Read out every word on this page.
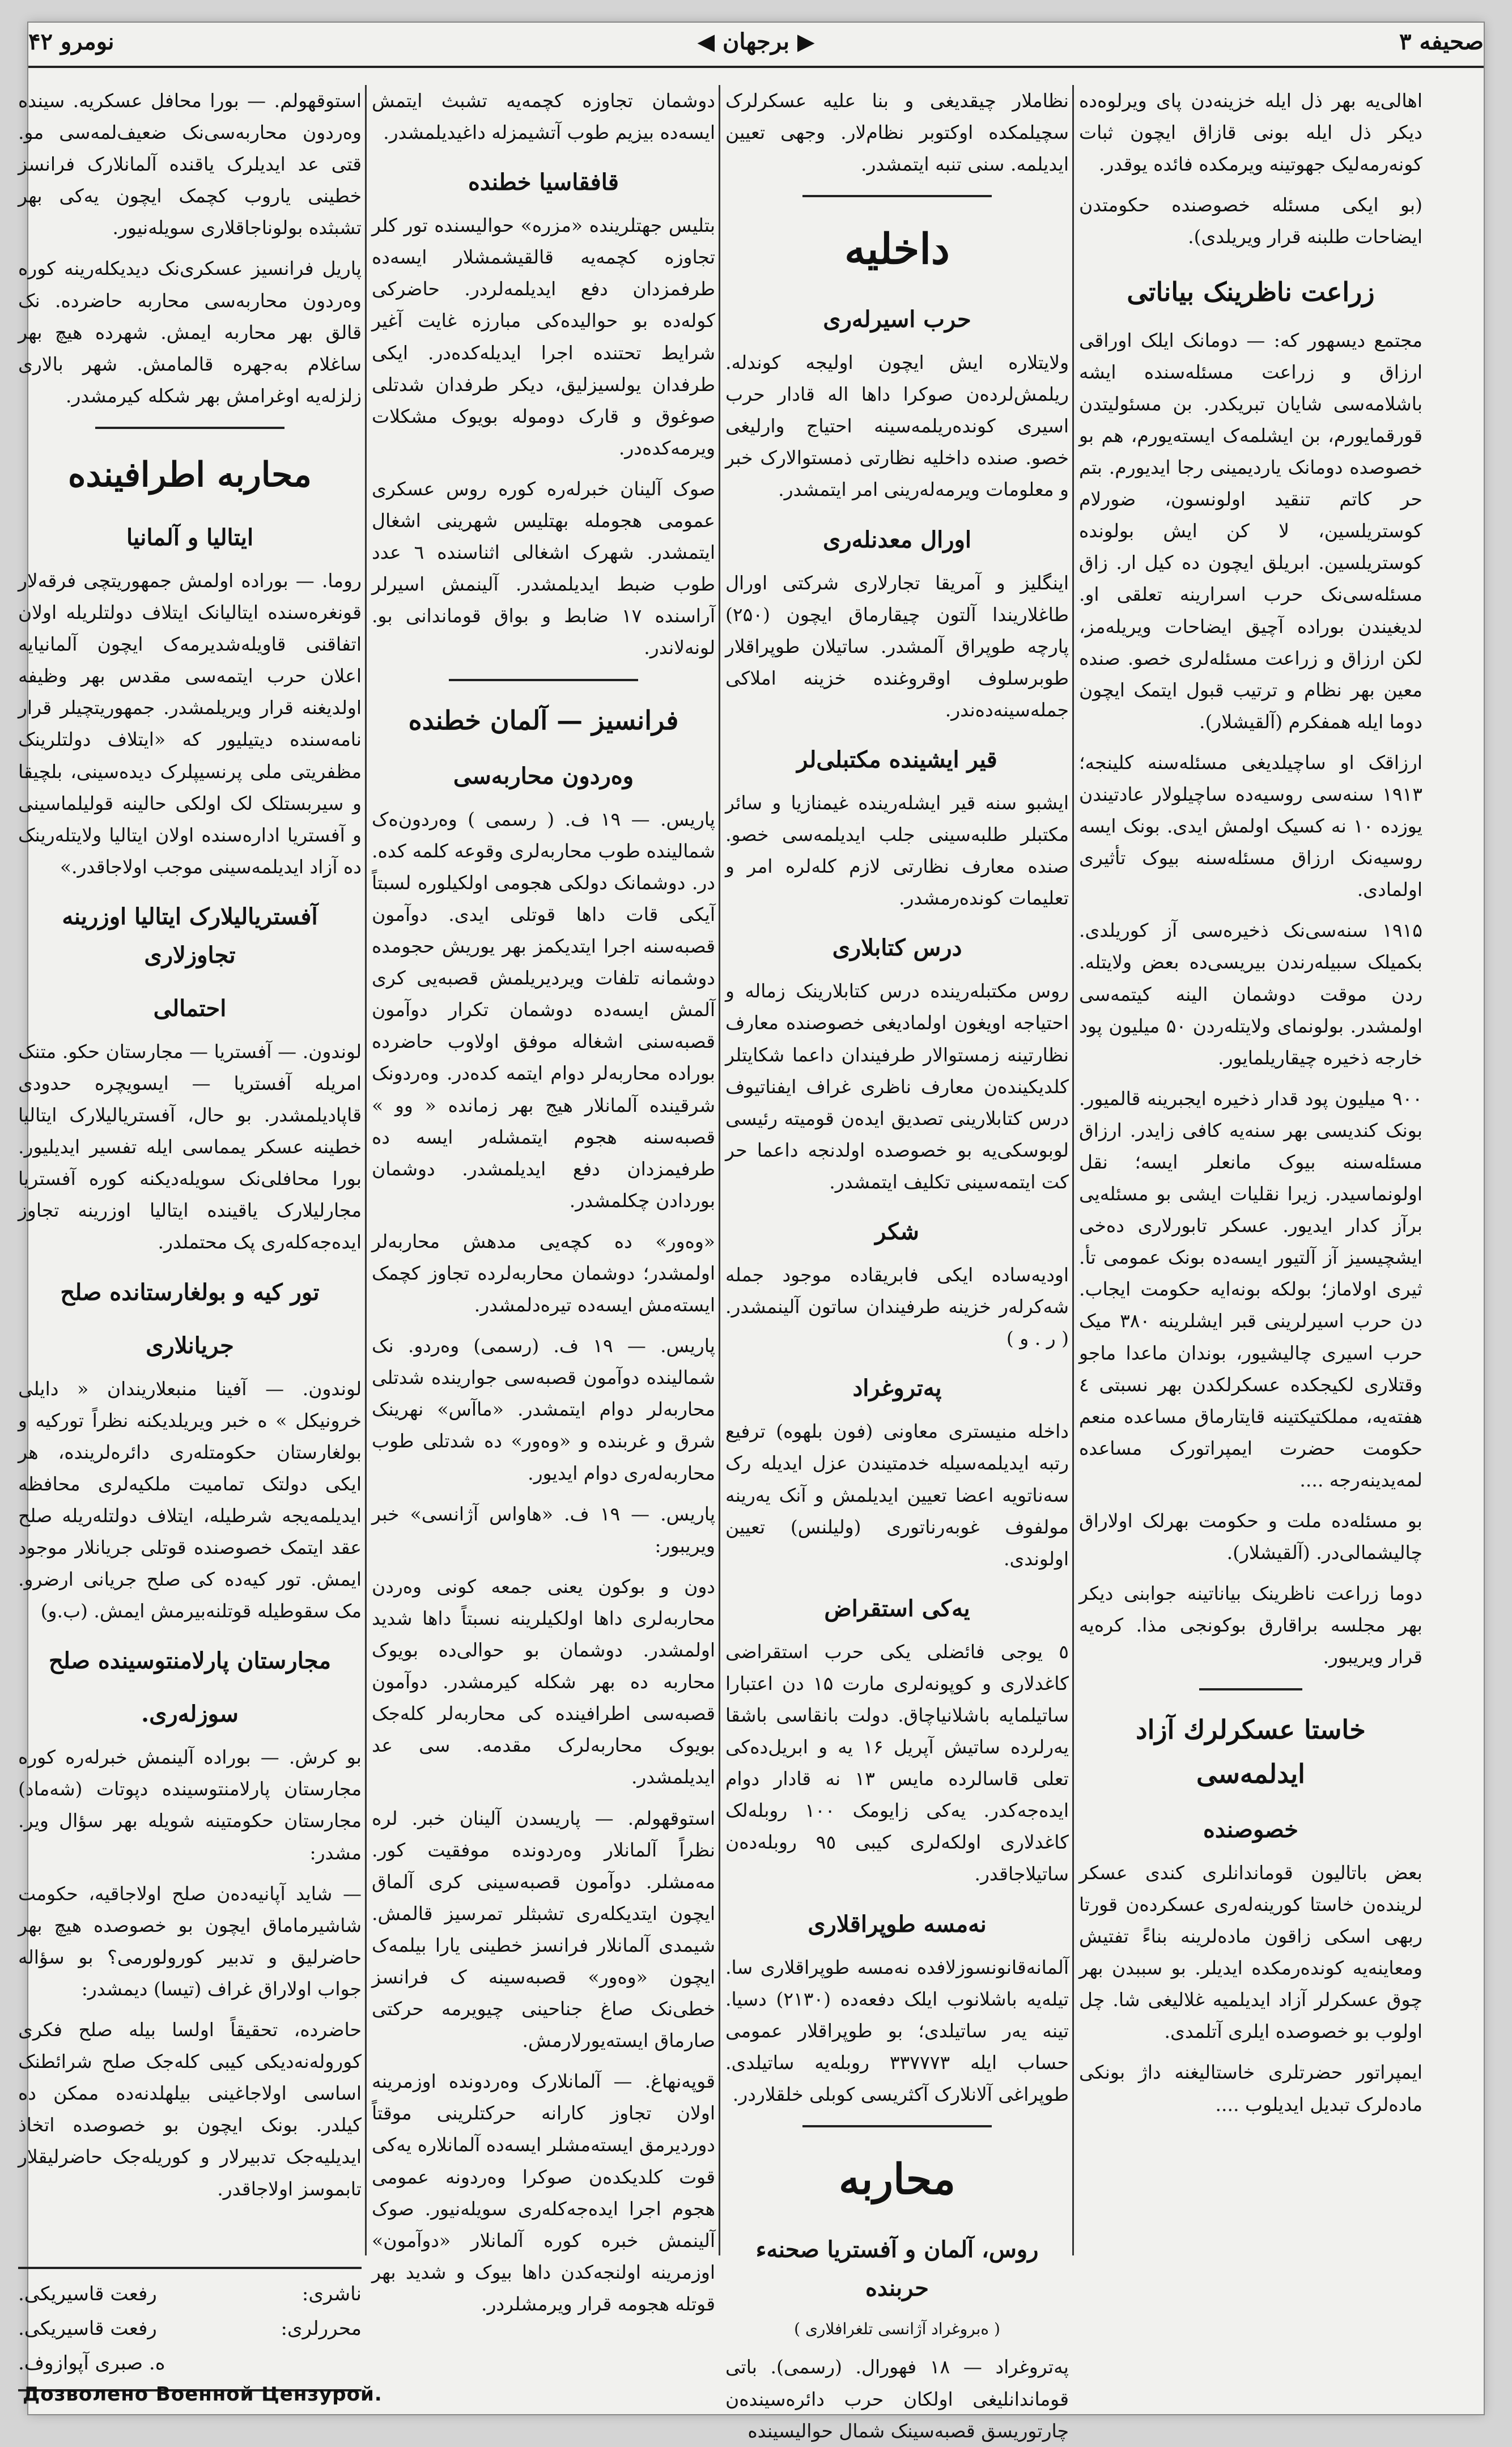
نومرو ۴۲	◀ برجهان ▶	صحیفه ۳

اهالی‌یه بهر ذل ایله خزینه‌دن پای ویرلوه‌ده دیکر ذل ایله بونی قازاق ایچون ثبات کونه‌رمه‌لیک جهوتینه ویرمکده فائده یوقدر.

(بو ایکی مسئله خصوصنده حکومتدن ایضاحات طلبنه قرار ویریلدی).

زراعت ناظرینک بیاناتی

مجتمع دیسهور که: — دومانک ایلک اوراقی ارزاق و زراعت مسئله‌سنده ایشه باشلامه‌سی شایان تبریکدر. بن مسئولیتدن قورقمایورم، بن ایشلمه‌ک ایسته‌یورم، هم بو خصوصده دومانک یاردیمینی رجا ایدیورم. بتم حر کاتم تنقید اولونسون، ضورلام کوستریلسین، لا کن ایش بولونده کوستریلسین. ابریلق ایچون ده کیل ار. زاق مسئله‌سی‌نک حرب اسرارینه تعلقی او. لدیغیندن بوراده آچیق ایضاحات ویریله‌مز، لکن ارزاق و زراعت مسئله‌لری خصو. صنده معین بهر نظام و ترتیب قبول ایتمک ایچون دوما ایله همفکرم (آلقیشلار).

ارزاقک او ساچیلدیغی مسئله‌سنه کلینجه؛ ۱۹۱۳ سنه‌سی روسیه‌ده ساچیلولار عادتیندن یوزده ۱۰ نه کسیک اولمش ایدی. بونک ایسه روسیه‌نک ارزاق مسئله‌سنه بیوک تأثیری اولمادی.

۱۹۱۵ سنه‌سی‌نک ذخیره‌سی آز کوریلدی. بکمیلک سبیله‌رندن بیر‌یسی‌ده بعض ولایتله. ردن موقت دوشمان الینه کیتمه‌سی اولمشدر. بولونمای ولایتله‌ردن ۵۰ میلیون پود خارجه ذخیره چیقاریلمایور.

۹۰۰ میلیون پود قدار ذخیره ایجبرینه قالمیور. بونک کندیسی بهر سنه‌یه کافی زایدر. ارزاق مسئله‌سنه بیوک مانعلر ایسه؛ نقل اولونماسیدر. زیرا نقلیات ایشی بو مسئله‌یی برآز کدار ایدیور. عسکر تابورلاری ده‌خی ایشچیسیز آز آلتیور ایسه‌ده بونک عمومی تأ. ثیری اولاماز؛ بولکه بو‌نه‌ایه حکومت ایجاب. دن حرب اسیر‌لرینی قبر ایشلرینه ۳۸۰ میک حرب اسیری چالیشیور، بوندان ماعدا ماجو وقتلاری لکیجکده عسکرلکدن بهر نسبتی ٤ هفته‌یه، مملکتیکتینه قایتارماق مساعده منعم حکومت حضرت ایمپراتورک مساعده ‌لمه‌یدینه‌رجه‌ ....

بو مسئله‌ده ملت و حکومت بهرلک اولاراق چالیشمالی‌در. (آلقیشلار).

دوما زراعت ناظرینک بیاناتینه جوابنی دیکر بهر مجلسه براقارق بوکونجی مذا. کره‌یه قرار ویریبور.

خاستا عسکرلرك آزاد ایدلمه‌سی
خصوصنده

بعض باتالیون قوماندانلری کندی عسکر لرینده‌ن خاستا کورینه‌له‌ری عسکرده‌ن قورتا ربهی اسکی زاقون ماده‌لرینه بناءً تفتیش ومعاینه‌یه کونده‌رمکده ایدیلر. بو سببدن بهر چوق عسکرلر آزاد ایدیلمیه غلالیغی شا. چل اولوب بو خصوصده ایلری آتلمدی.

ایمپراتور حضرتلری خاستالیغنه داژ بو‌نکی ماده‌لرک تبدیل ایدیلوب ....

نظاملار چیقدیغی و بنا علیه عسکرلرک سچیلمکده اوکتوبر نظام‌لار. وجهی تعیین ایدیلمه. سنی تنبه ایتمشدر.

داخلیه
حرب اسیرله‌ری

ولایتلاره ایش ایچون اولیجه کوندله. ریلمش‌لرده‌ن صوکرا داها اله قادار حرب اسیری کونده‌ریلمه‌سینه احتیاج وارلیغی خصو. صنده داخلیه نظارتی ذمستوالارک خبر و معلومات ویرمه‌له‌رینی امر ایتمشدر.

اورال معدنله‌ری

اینگلیز و آمریقا تجارلاری شرکتی اورال طاغلاریندا آلتون چیقارماق ایچون (۲۵۰) پارچه طوپراق آلمشدر. سا‌تیلان طوپراقلار طوبرسلوف اوقروغنده خزینه املاکی جمله‌سینه‌ده‌ندر.

قیر ایشینده مکتبلی‌لر

ایشبو سنه قیر ایشله‌رینده غیمنازیا و سائر مکتبلر طلبه‌سینی جلب ایدیلمه‌سی خصو. صنده معارف نظارتی لازم کله‌لره امر و تعلیمات کونده‌رمشدر.

درس کتابلاری

روس مکتبله‌رینده درس کتابلارینک زماله و احتیاجه اویغون اولمادیغی خصوصنده معارف نظارتینه زمستوالار طرفیندان داعما شکایتلر کلدیکینده‌ن معارف ناظری غراف ایفناتیوف درس کتابلارینی تصدیق ایده‌ن قومیته رئیسی لوبوسکی‌یه بو خصوصده اولدنجه داعما حر کت ایتمه‌سینی تکلیف ایتمشدر.

شکر

اودیه‌ساده ایکی فابریقاده موجود جمله شه‌کرله‌ر خزینه طرفیندان ساتون آلینمشدر. ( ر . و )

په‌تروغراد

داخله منیستری معاونی (فون بلهوه) ترفیع رتبه ایدیلمه‌سیله خدمتیندن عزل ایدیله رک سه‌ناتویه اعضا تعیین ایدیلمش و آنک یه‌رینه مولفوف غوبه‌رناتوری (ولیلنس) تعیین اولوندی.

یه‌کی استقراض

٥ یوجی فائضلی یکی حرب استقراضی کاغدلاری و کوپونه‌لری مارت ۱۵ دن اعتبارا ساتیلمایه باشلانیاچاق. دولت بانقاسی باشقا یه‌رلرده ساتیش آپریل ۱۶ یه و ابریل‌ده‌کی تعلی قاسالرده مایس ۱۳ نه قادار دوام ایده‌جه‌کدر. یه‌کی زایومک ۱۰۰ روبله‌لک کاغدلاری اولکه‌لری کیبی ۹٥ روبله‌ده‌ن ساتیلاجاقدر.

نه‌مسه طوپراقلاری

آلمانه‌قانونسوز‌لافده نه‌مسه طوپراقلاری سا. تیله‌یه باشلانوب ایلک دفعه‌ده (۲۱۳۰) دسیا. تینه یه‌ر ساتیلدی؛ بو طوپراقلار عمومی حساب ایله ۳۳۷۷۷۳ روبله‌یه ساتیلدی. طوپراغی آلانلارک آکثریسی کوبلی خلقلاردر.

محاربه
روس، آلمان و آفستریا صحنه‌ء حربنده

( ه‌بروغراد آژانسی تلغرافلاری )

په‌تروغراد — ۱۸ فهورال. (رسمی). باتی قوماندانلیغی اولکان حرب دائره‌سینده‌ن چارتوریسق قصبه‌سینک شمال حوالیسینده

دوشمان تجاوزه کچمه‌یه تشبث ایتمش ایسه‌ده بیزیم طوب آتشیمزله داغیدیلمشدر.

قافقاسیا خطنده

بتلیس جهتلرینده «مزره» حوالیسنده تور کلر تجاوزه کچمه‌یه قالقیشمشلار ایسه‌ده طرفمزدان دفع ایدیلمه‌لردر. حاضرکی کوله‌ده بو حوالیده‌کی مبارزه غایت آغیر شرایط تحتنده اجرا ایدیله‌کده‌در. ایکی طرفدان یولسیزلیق، دیکر طرفدان شدتلی صوغوق و قارک دوموله بویوک مشکلات ویرمه‌کده‌در.

صوک آلینان خبرله‌ره کوره روس عسکری عمومی هجومله بهتلیس شهرینی اشغال ایتمشدر. شهرک اشغالی اثناسنده ٦ عدد طوب ضبط ایدیلمشدر. آلینمش اسیرلر آراسنده ۱۷ ضابط و بواق قوماندانی بو. لونه‌لاندر.

فرانسیز — آلمان خطنده
وه‌ردون محاربه‌سی

پاریس. — ۱۹ ف. ( رسمی ) وه‌ردون‌ه‌ک شمالینده طوب محاربه‌لری وقوعه کلمه کده. در. دوشمانک دولکی هجومی اولکیلوره لسبتاً آیکی قات داها قوتلی ایدی. دوآمون قصبه‌سنه اجرا ایتدیکمز بهر یوریش حجومده دوشمانه تلفات ویردیریلمش قصبه‌یی کری آلمش ایسه‌ده دوشمان تکرار دوآمون قصبه‌سنی اشغاله موفق اولاوب حاضرده بوراده محاربه‌لر دوام ایتمه کده‌در. وه‌ردونک شرقینده آلمانلار هیج بهر زمانده « وو » قصبه‌سنه هجوم ایتمشله‌ر ایسه ده طرفیمزدان دفع ایدیلمشدر. دوشمان بوردادن چکلمشدر.

«وه‌ور» ده کچه‌یی مدهش محاربه‌لر اولمشدر؛ دوشمان محاربه‌لرده تجاوز کچمک ایسته‌مش ایسه‌ده تیره‌دلمشدر.

پاریس. — ۱۹ ف. (رسمی) وه‌ردو. نک شمالینده دوآمون قصبه‌سی جوارینده شدتلی محاربه‌لر دوام ایتمشدر. «ما‌آس» نهرینک شرق و غربنده و «وه‌ور» ده شدتلی طوب محاربه‌له‌ری دوام ایدیور.

پاریس. — ۱۹ ف. «هاواس آژانسی» خبر ویریبور:

دون و بوکون یعنی جمعه کونی وه‌ردن محاربه‌لری داها اولکیلرینه نسبتاً داها شدید اولمشدر. دوشمان بو حوالی‌ده بویوک محاربه ده بهر شکله کیرمشدر. دوآمون قصبه‌سی اطرافینده کی محاربه‌لر کله‌جک بویوک محاربه‌لرک مقدمه. سی عد ایدیلمشدر.

استوقهولم. — پاریسدن آلینان خبر. لره نظراً آلمانلار وه‌ردونده موفقیت کور. مه‌مشلر. دوآمون قصبه‌سینی کری آلماق ایچون ایتدیکله‌ری تشبثلر تمرسیز قالمش. شیمدی آلمانلار فرانسز خطینی یارا بیلمه‌ک ایچون «وه‌ور» قصبه‌سینه ک فرانسز خطی‌نک صاغ جناحینی چیویرمه حرکتی صارماق ایسته‌یورلارمش.

قوپه‌نهاغ. — آلمانلارک وه‌ردونده اوزمرینه اولان تجاوز کارانه حرکتلرینی موقتاً دوردیرمق ایسته‌مشلر ایسه‌ده آلمانلاره یه‌کی قوت کلدیکده‌ن صوکرا وه‌ردونه عمومی هجوم اجرا ایده‌جه‌کله‌ری سویله‌نیور. صوک آلینمش خبره کوره آلمانلار «دوآمون» اوزمرینه اولنجه‌کدن داها بیوک و شدید بهر قوتله هجومه قرار ویرمشلردر.

استوقهولم. — بورا محافل عسکریه. سینده وه‌ردون محاربه‌سی‌نک ضعیف‌لمه‌سی مو. قتی عد ایدیلرک یاقنده آلمانلارک فرانسز خطینی یاروب کچمک ایچون یه‌کی بهر تشبثده بولوناجاقلاری سویله‌نیور.

پاریل فرانسیز عسکری‌نک دیدیکله‌رینه کوره وه‌ردون محاربه‌سی محاربه حاضرده. نک قالق بهر محاربه ایمش. شهرده هیچ بهر ساغلام به‌جهره قالمامش. شهر بالاری زلزله‌یه اوغرامش بهر شکله کیرمشدر.

محاربه اطرافینده
ایتالیا و آلمانیا

روما. — بوراده اولمش جمهوریتچی فرقه‌لار قونغره‌سنده ایتالیانک ایتلاف دولتلریله اولان اتفاقنی قاویله‌شدیرمه‌ک ایچون آلمانیایه اعلان حرب ایتمه‌سی مقدس بهر وظیفه اولدیغنه قرار ویریلمشدر. جمهوریتچیلر قرار نامه‌سنده دیتیلیور که «ایتلاف دولتلرینک مظفریتی ملی پرنسیپلرک دیده‌سینی، بلچیقا و سیربستلک لک اولکی حالینه قولیلماسینی و آفستریا اداره‌سنده اولان ایتالیا ولایتله‌رینک ده آزاد ایدیلمه‌سینی موجب اولاجاقدر.»

آفستریالیلارک ایتالیا اوزرینه تجاوزلاری
احتمالی

لوندون. — آفستریا — مجارستان حکو. متنک امریله آفستریا — ایسویچره حدودی قاپادیلمشدر. بو حال، آفستریالیلارک ایتالیا خطینه عسکر یمماسی ایله تفسیر ایدیلیور. بورا محافلی‌نک سویله‌دیکنه کوره آفستریا مجارلیلارک یاقینده ایتالیا اوزرینه تجاوز ایده‌جه‌کله‌ری پک محتملدر.

تور کیه و بولغارستانده صلح
جریانلاری

لوندون. — آفینا منبعلاریندان « دایلی خرونیکل » ه خبر ویریلدیکنه نظراً تورکیه و بولغارستان حکومتله‌ری دائره‌لرینده، هر ایکی دولتک تمامیت ملکیه‌لری محافظه ایدیلمه‌یجه شرطیله، ایتلاف دولتله‌ریله صلح عقد ایتمک خصوصنده قوتلی جریانلار موجود ایمش. تور کیه‌ده کی صلح جریانی ارضرو. مک سقوطیله قوتلنه‌بیرمش ایمش. (ب.و)

مجارستان پارلامنتوسینده صلح
سوزله‌ری.

بو کرش. — بوراده آلینمش خبرله‌ره کوره مجارستان پارلامنتوسینده دپوتات (شه‌ماد) مجارستان حکومتینه شویله بهر سؤال وير. مشدر:

— شاید آپانیه‌ده‌ن صلح اولاجاقیه، حکومت شاشیرماماق ایچون بو خصوصده هیچ بهر حاضرلیق و تدبیر کورولورمی؟ بو سؤاله جواب اولاراق غراف (تیسا) دیمشدر:

حاضرده، تحقیقاً اولسا بیله صلح فکری کوروله‌نه‌دیکی کیبی کله‌جک صلح شرائطنک اساسی اولاجاغینی بیلهلدنه‌ده ممکن ده کیلدر. بونک ایچون بو خصوصده اتخاذ ایدیلیه‌جک تدبیرلار و کوریله‌جک حاضرلیقلار تابموسز اولاجاقدر.

ناشری:
رفعت قاسیریکی.
محرر‌لری:
رفعت قاسیریکی.
ه. صبری آپوازوف.
Дозволено Военной Цензурой.
